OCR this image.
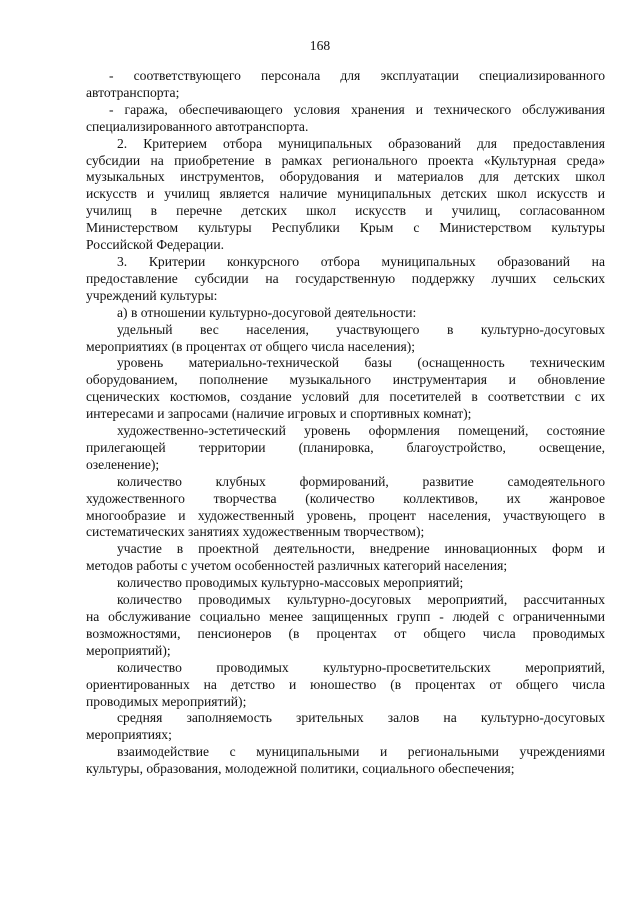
168

- соответствующего персонала для эксплуатации специализированного

автотранспорта;

- гаража, обеспечивающего условия хранения и технического обслуживания

специализированного автотранспорта.

2. Критерием отбора муниципальных образований для предоставления

субсидии на приобретение в рамках регионального проекта «Культурная среда»

музыкальных инструментов, оборудования и материалов для детских школ

искусств и училищ является наличие муниципальных детских школ искусств и

училищ в перечне детских школ искусств и училищ, согласованном

Министерством культуры Республики Крым с Министерством культуры

Российской Федерации.

3. Критерии конкурсного отбора муниципальных образований на

предоставление субсидии на государственную поддержку лучших сельских

учреждений культуры:

а) в отношении культурно-досуговой деятельности:

удельный вес населения, участвующего в культурно-досуговых

мероприятиях (в процентах от общего числа населения);

уровень материально-технической базы (оснащенность техническим

оборудованием, пополнение музыкального инструментария и обновление

сценических костюмов, создание условий для посетителей в соответствии с их

интересами и запросами (наличие игровых и спортивных комнат);

художественно-эстетический уровень оформления помещений, состояние

прилегающей территории (планировка, благоустройство, освещение,

озеленение);

количество клубных формирований, развитие самодеятельного

художественного творчества (количество коллективов, их жанровое

многообразие и художественный уровень, процент населения, участвующего в

систематических занятиях художественным творчеством);

участие в проектной деятельности, внедрение инновационных форм и

методов работы с учетом особенностей различных категорий населения;

количество проводимых культурно-массовых мероприятий;

количество проводимых культурно-досуговых мероприятий, рассчитанных

на обслуживание социально менее защищенных групп - людей с ограниченными

возможностями, пенсионеров (в процентах от общего числа проводимых

мероприятий);

количество проводимых культурно-просветительских мероприятий,

ориентированных на детство и юношество (в процентах от общего числа

проводимых мероприятий);

средняя заполняемость зрительных залов на культурно-досуговых

мероприятиях;

взаимодействие с муниципальными и региональными учреждениями

культуры, образования, молодежной политики, социального обеспечения;
